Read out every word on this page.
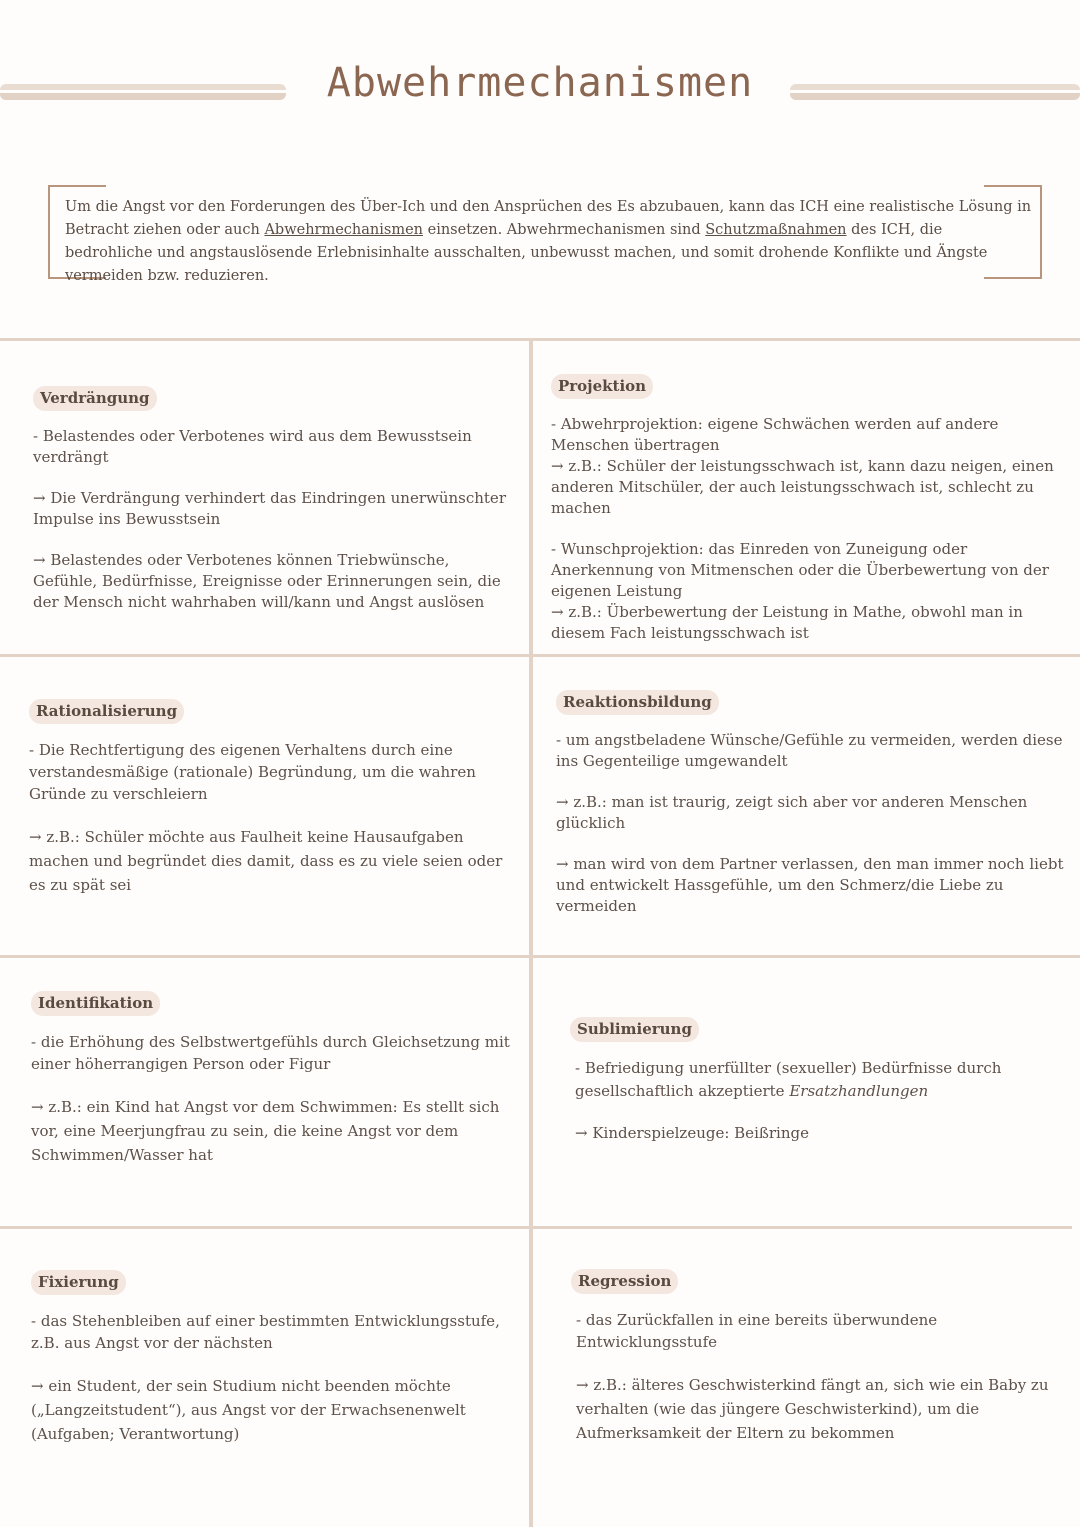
Abwehrmechanismen

Um die Angst vor den Forderungen des Über-Ich und den Ansprüchen des Es abzubauen, kann das ICH eine realistische Lösung in Betracht ziehen oder auch Abwehrmechanismen einsetzen. Abwehrmechanismen sind Schutzmaßnahmen des ICH, die bedrohliche und angstauslösende Erlebnisinhalte ausschalten, unbewusst machen, und somit drohende Konflikte und Ängste vermeiden bzw. reduzieren.

Verdrängung

- Belastendes oder Verbotenes wird aus dem Bewusstsein verdrängt

→ Die Verdrängung verhindert das Eindringen unerwünschter Impulse ins Bewusstsein

→ Belastendes oder Verbotenes können Triebwünsche, Gefühle, Bedürfnisse, Ereignisse oder Erinnerungen sein, die der Mensch nicht wahrhaben will/kann und Angst auslösen

Projektion

- Abwehrprojektion: eigene Schwächen werden auf andere Menschen übertragen
→ z.B.: Schüler der leistungsschwach ist, kann dazu neigen, einen anderen Mitschüler, der auch leistungsschwach ist, schlecht zu machen

- Wunschprojektion: das Einreden von Zuneigung oder Anerkennung von Mitmenschen oder die Überbewertung von der eigenen Leistung
→ z.B.: Überbewertung der Leistung in Mathe, obwohl man in diesem Fach leistungsschwach ist

Rationalisierung

- Die Rechtfertigung des eigenen Verhaltens durch eine verstandesmäßige (rationale) Begründung, um die wahren Gründe zu verschleiern

→ z.B.: Schüler möchte aus Faulheit keine Hausaufgaben machen und begründet dies damit, dass es zu viele seien oder es zu spät sei

Reaktionsbildung

- um angstbeladene Wünsche/Gefühle zu vermeiden, werden diese ins Gegenteilige umgewandelt

→ z.B.: man ist traurig, zeigt sich aber vor anderen Menschen glücklich

→ man wird von dem Partner verlassen, den man immer noch liebt und entwickelt Hassgefühle, um den Schmerz/die Liebe zu vermeiden

Identifikation

- die Erhöhung des Selbstwertgefühls durch Gleichsetzung mit einer höherrangigen Person oder Figur

→ z.B.: ein Kind hat Angst vor dem Schwimmen: Es stellt sich vor, eine Meerjungfrau zu sein, die keine Angst vor dem Schwimmen/Wasser hat

Sublimierung

- Befriedigung unerfüllter (sexueller) Bedürfnisse durch gesellschaftlich akzeptierte Ersatzhandlungen

→ Kinderspielzeuge: Beißringe

Fixierung

- das Stehenbleiben auf einer bestimmten Entwicklungsstufe, z.B. aus Angst vor der nächsten

→ ein Student, der sein Studium nicht beenden möchte („Langzeitstudent“), aus Angst vor der Erwachsenenwelt (Aufgaben; Verantwortung)

Regression

- das Zurückfallen in eine bereits überwundene Entwicklungsstufe

→ z.B.: älteres Geschwisterkind fängt an, sich wie ein Baby zu verhalten (wie das jüngere Geschwisterkind), um die Aufmerksamkeit der Eltern zu bekommen
